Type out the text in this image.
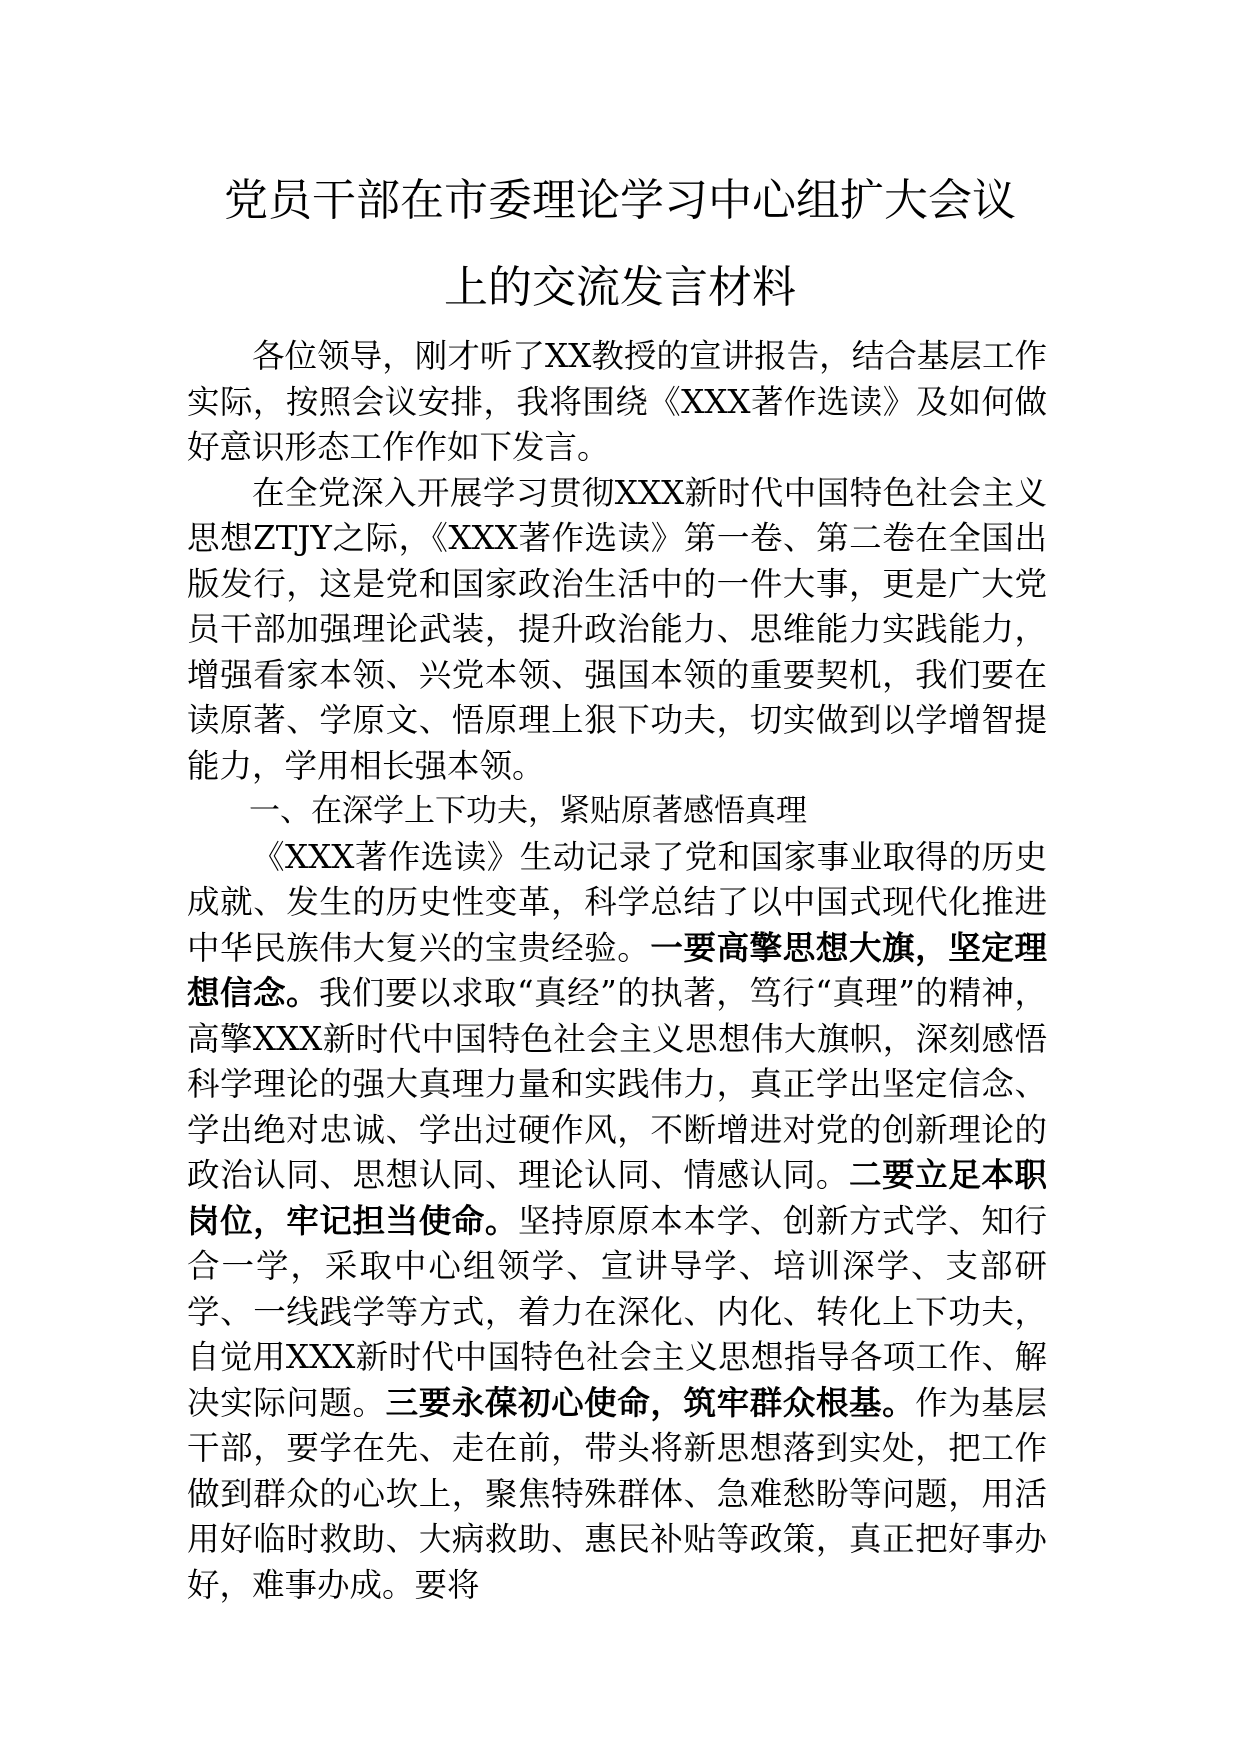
党员干部在市委理论学习中心组扩大会议
上的交流发言材料

各位领导，刚才听了XX教授的宣讲报告，结合基层工作实际，按照会议安排，我将围绕《XXX著作选读》及如何做好意识形态工作作如下发言。

在全党深入开展学习贯彻XXX新时代中国特色社会主义思想ZTJY之际，《XXX著作选读》第一卷、第二卷在全国出版发行，这是党和国家政治生活中的一件大事，更是广大党员干部加强理论武装，提升政治能力、思维能力实践能力，增强看家本领、兴党本领、强国本领的重要契机，我们要在读原著、学原文、悟原理上狠下功夫，切实做到以学增智提能力，学用相长强本领。

一、在深学上下功夫，紧贴原著感悟真理

《XXX著作选读》生动记录了党和国家事业取得的历史成就、发生的历史性变革，科学总结了以中国式现代化推进中华民族伟大复兴的宝贵经验。一要高擎思想大旗，坚定理想信念。我们要以求取“真经”的执著，笃行“真理”的精神，高擎XXX新时代中国特色社会主义思想伟大旗帜，深刻感悟科学理论的强大真理力量和实践伟力，真正学出坚定信念、学出绝对忠诚、学出过硬作风，不断增进对党的创新理论的政治认同、思想认同、理论认同、情感认同。二要立足本职岗位，牢记担当使命。坚持原原本本学、创新方式学、知行合一学，采取中心组领学、宣讲导学、培训深学、支部研学、一线践学等方式，着力在深化、内化、转化上下功夫，自觉用XXX新时代中国特色社会主义思想指导各项工作、解决实际问题。三要永葆初心使命，筑牢群众根基。作为基层干部，要学在先、走在前，带头将新思想落到实处，把工作做到群众的心坎上，聚焦特殊群体、急难愁盼等问题，用活用好临时救助、大病救助、惠民补贴等政策，真正把好事办好，难事办成。要将
